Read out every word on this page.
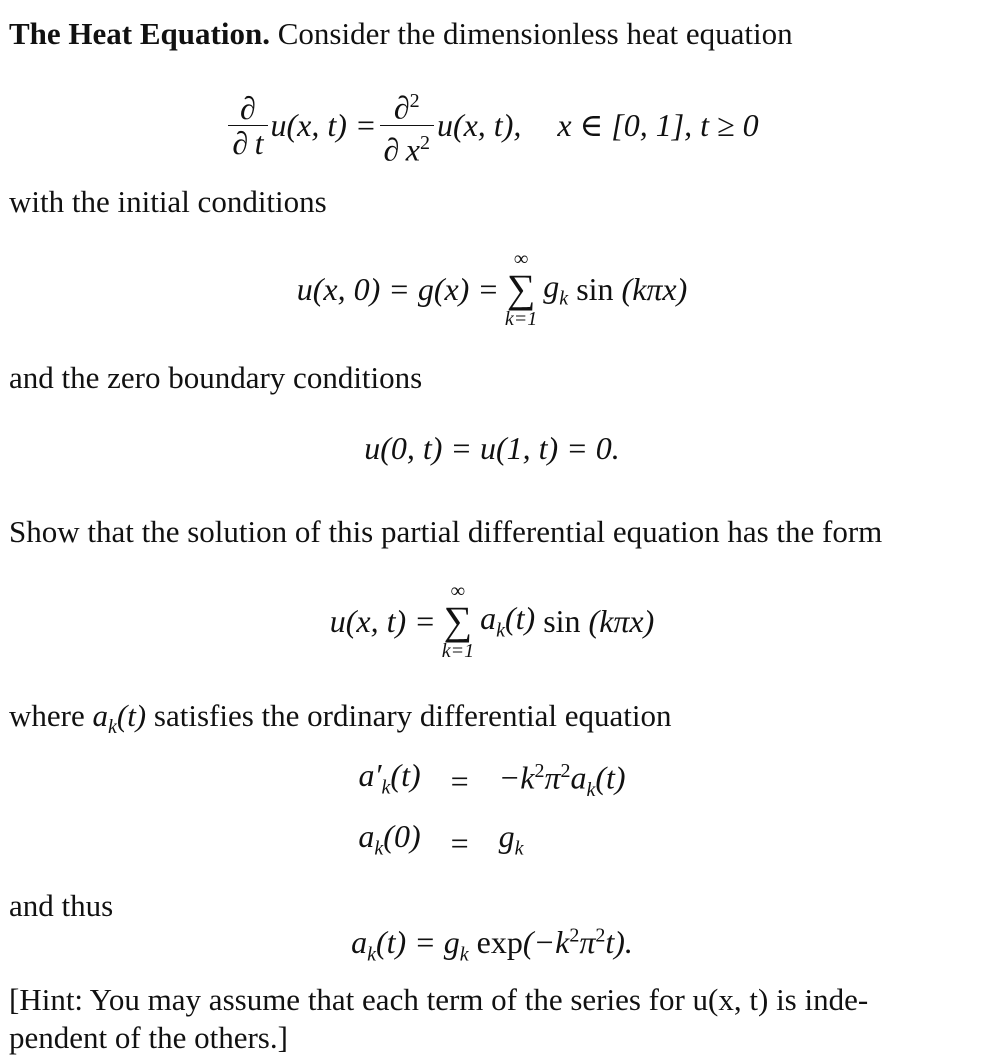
The Heat Equation. Consider the dimensionless heat equation
$\frac{\partial}{\partial t} u(x$, $t) = \frac{\partial^2}{\partial x^2} u(x$, t), x ∈ [0, 1], t ≥ 0
with the initial conditions
u(x, 0) = g(x) =
∞
∑
k=1
$g_k$
sin
(kπx)
and the zero boundary conditions
u(0, t) = u(1, t) = 0.
Show that the solution of this partial differential equation has the form
u(x, t) =
∞
∑
k=1
$a_k(t)$
sin
(kπx)
where $a_k(t)$ satisfies the ordinary differential equation
$a'_k(t) = -k^2\pi^2a_k(t)$
$a_k(0) = g_k$
and thus
$a_k(t) = g_k$ $\exp(-k^2\pi^2t)$.
[Hint: You may assume that each term of the series for u(x, t) is inde-
pendent of the others.]
